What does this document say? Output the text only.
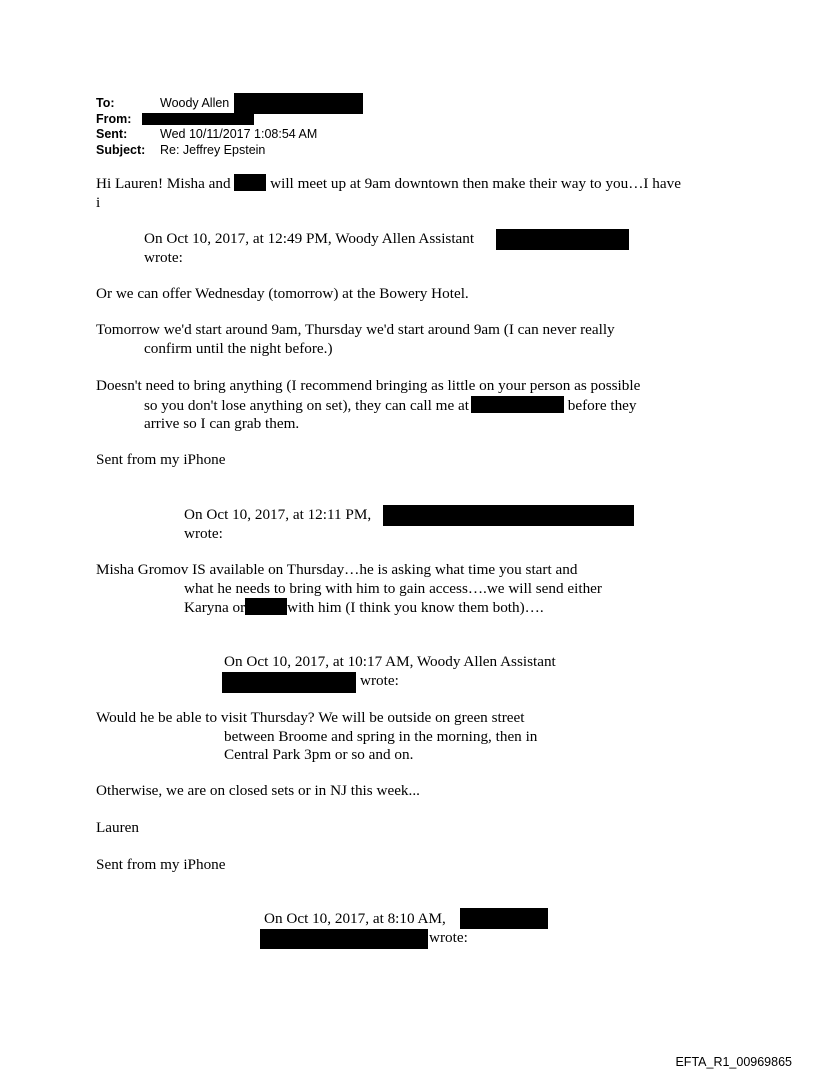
To:	Woody Allen
From:
Sent:	Wed 10/11/2017 1:08:54 AM
Subject: Re: Jeffrey Epstein
Hi Lauren! Misha and  will meet up at 9am downtown then make their way to you…I have
i
On Oct 10, 2017, at 12:49 PM, Woody Allen Assistant
wrote:
Or we can offer Wednesday (tomorrow) at the Bowery Hotel.
Tomorrow we'd start around 9am, Thursday we'd start around 9am (I can never really
confirm until the night before.)
Doesn't need to bring anything (I recommend bringing as little on your person as possible
so you don't lose anything on set), they can call me at	before they
arrive so I can grab them.
Sent from my iPhone
On Oct 10, 2017, at 12:11 PM,
wrote:
Misha Gromov IS available on Thursday…he is asking what time you start and
what he needs to bring with him to gain access….we will send either
Karyna or	with him (I think you know them both)….
On Oct 10, 2017, at 10:17 AM, Woody Allen Assistant
wrote:
Would he be able to visit Thursday? We will be outside on green street
between Broome and spring in the morning, then in
Central Park 3pm or so and on.
Otherwise, we are on closed sets or in NJ this week...
Lauren
Sent from my iPhone
On Oct 10, 2017, at 8:10 AM,
wrote:
EFTA_R1_00969865
